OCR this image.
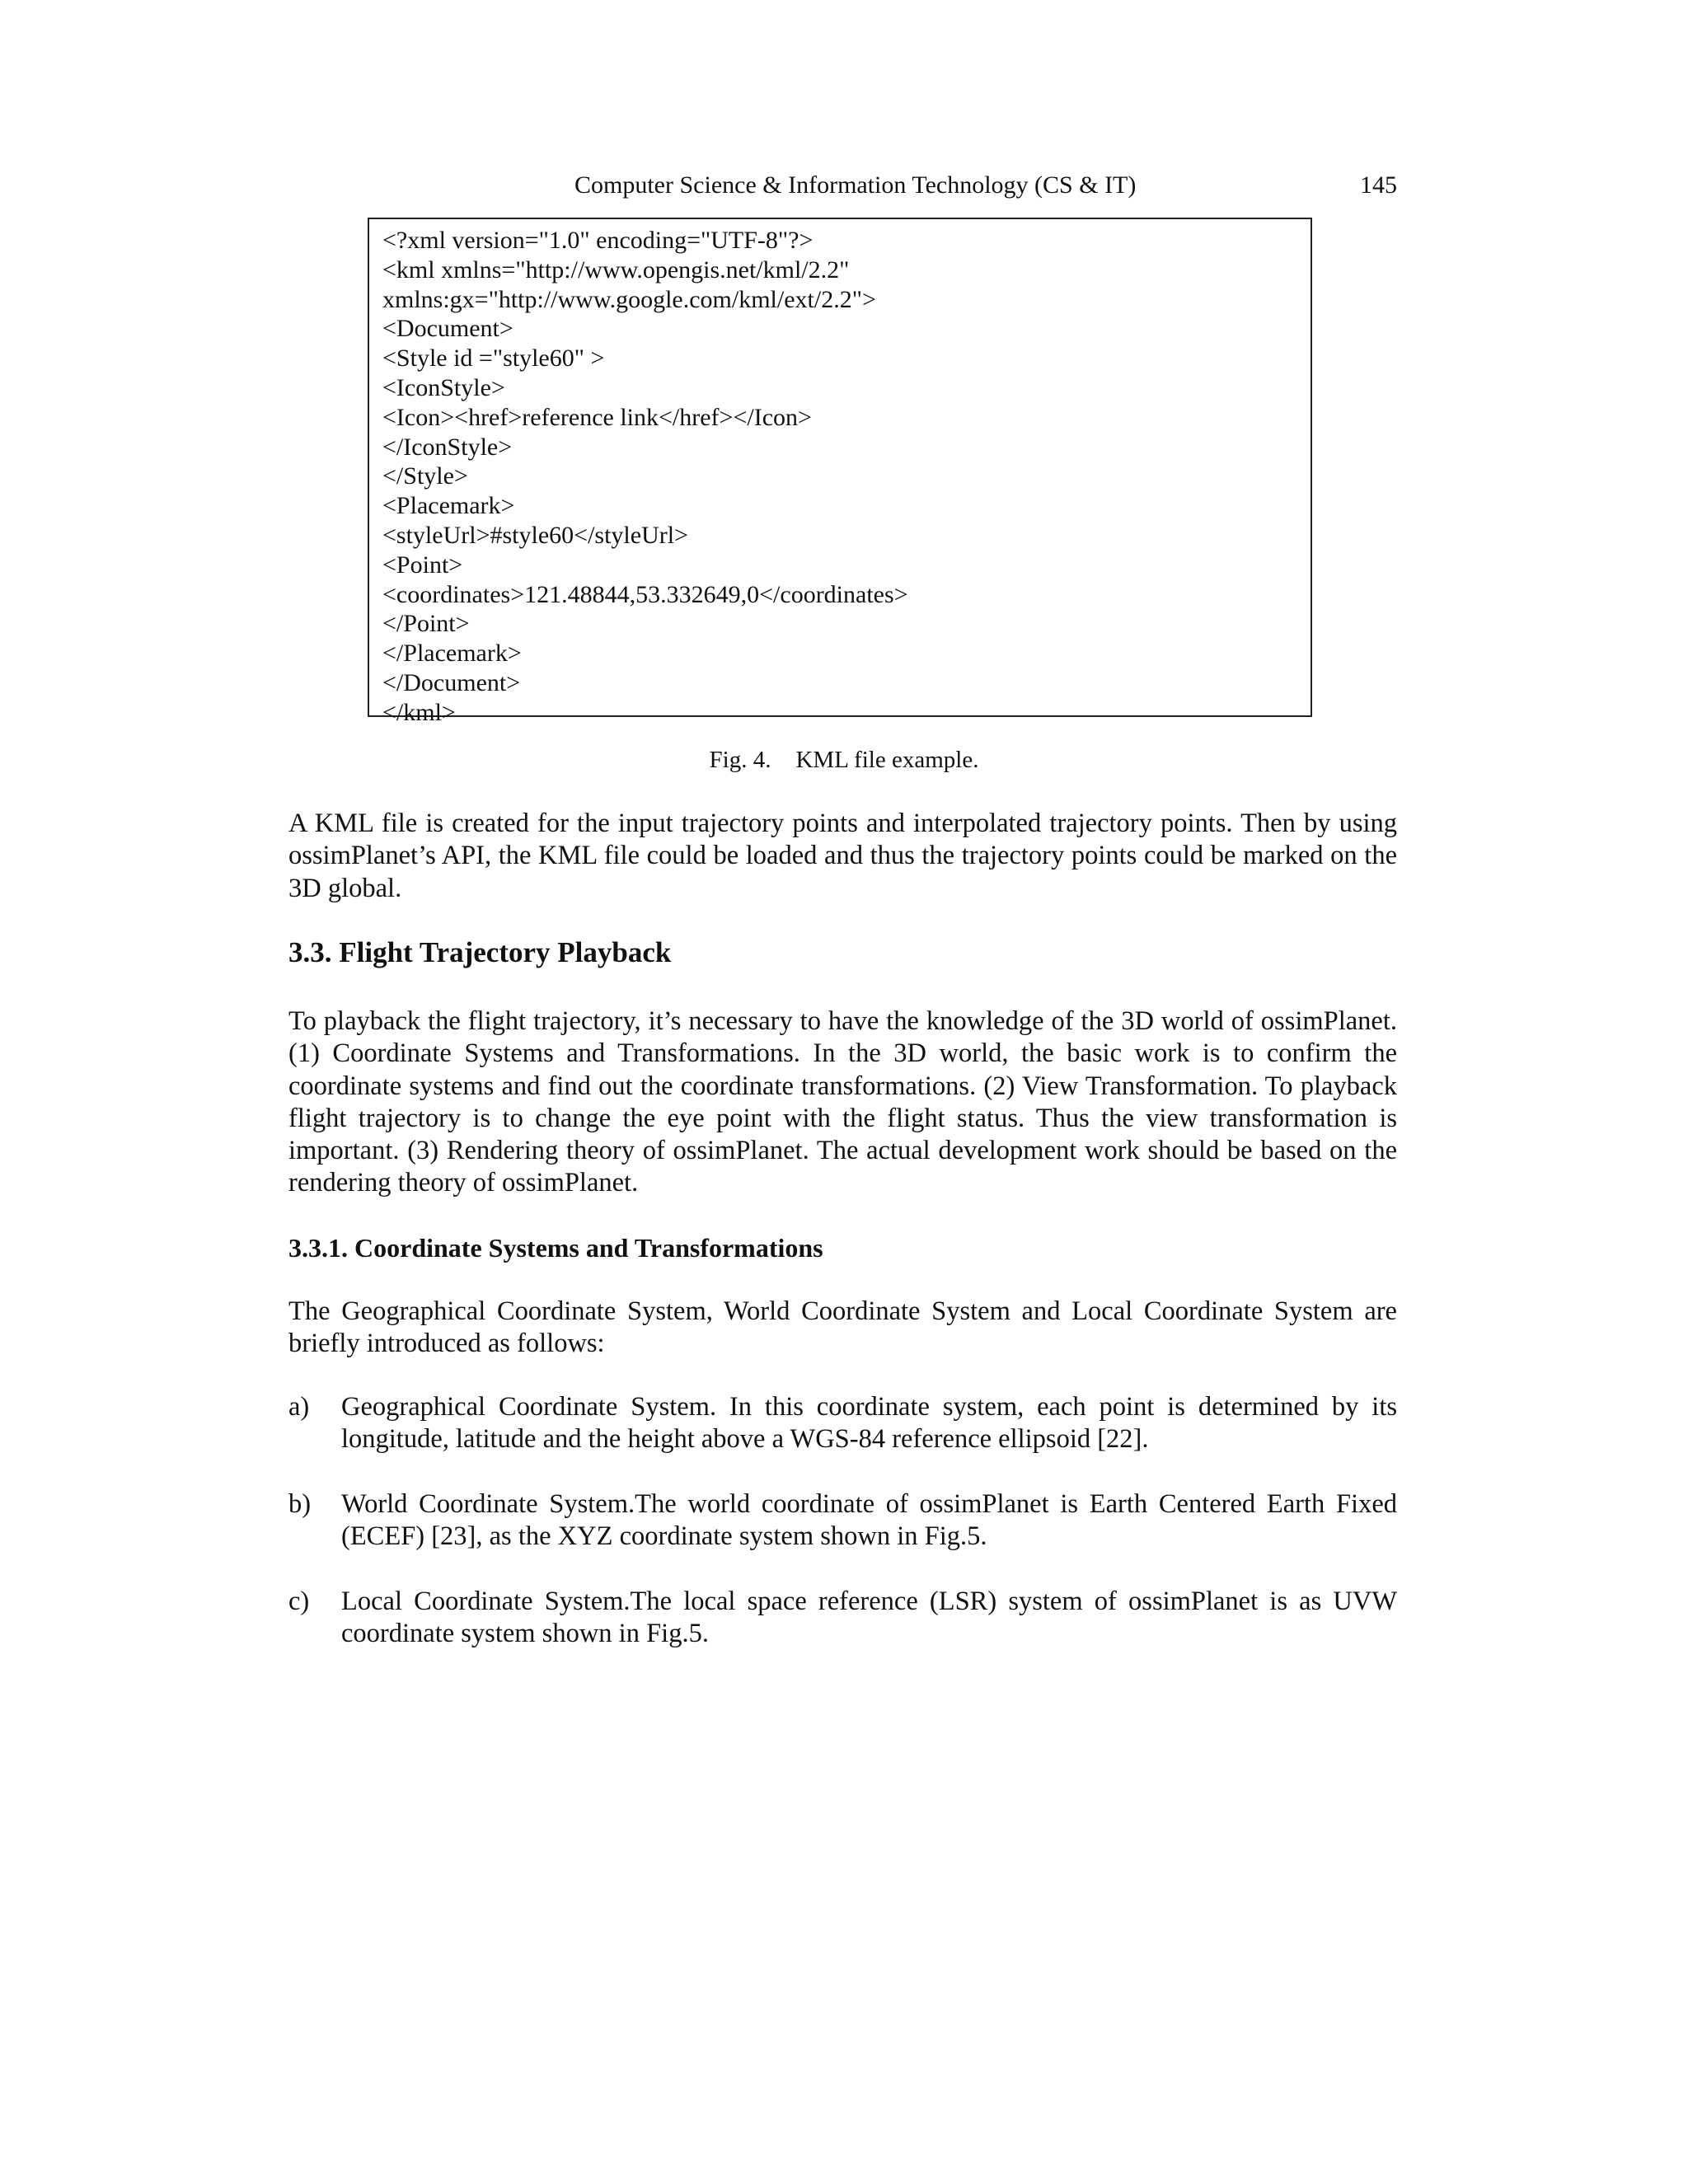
Computer Science & Information Technology (CS & IT)	145
<?xml version="1.0" encoding="UTF-8"?>
<kml xmlns="http://www.opengis.net/kml/2.2"
xmlns:gx="http://www.google.com/kml/ext/2.2">
<Document>
<Style id ="style60" >
<IconStyle>
<Icon><href>reference link</href></Icon>
</IconStyle>
</Style>
<Placemark>
<styleUrl>#style60</styleUrl>
<Point>
<coordinates>121.48844,53.332649,0</coordinates>
</Point>
</Placemark>
</Document>
</kml>
Fig. 4. KML file example.

A KML file is created for the input trajectory points and interpolated trajectory points. Then by using ossimPlanet’s API, the KML file could be loaded and thus the trajectory points could be marked on the 3D global.

3.3. Flight Trajectory Playback

To playback the flight trajectory, it’s necessary to have the knowledge of the 3D world of ossimPlanet. (1) Coordinate Systems and Transformations. In the 3D world, the basic work is to confirm the coordinate systems and find out the coordinate transformations. (2) View Transformation. To playback flight trajectory is to change the eye point with the flight status. Thus the view transformation is important. (3) Rendering theory of ossimPlanet. The actual development work should be based on the rendering theory of ossimPlanet.

3.3.1. Coordinate Systems and Transformations

The Geographical Coordinate System, World Coordinate System and Local Coordinate System are briefly introduced as follows:

a) Geographical Coordinate System. In this coordinate system, each point is determined by its longitude, latitude and the height above a WGS-84 reference ellipsoid [22].
b) World Coordinate System.The world coordinate of ossimPlanet is Earth Centered Earth Fixed (ECEF) [23], as the XYZ coordinate system shown in Fig.5.
c) Local Coordinate System.The local space reference (LSR) system of ossimPlanet is as UVW coordinate system shown in Fig.5.
